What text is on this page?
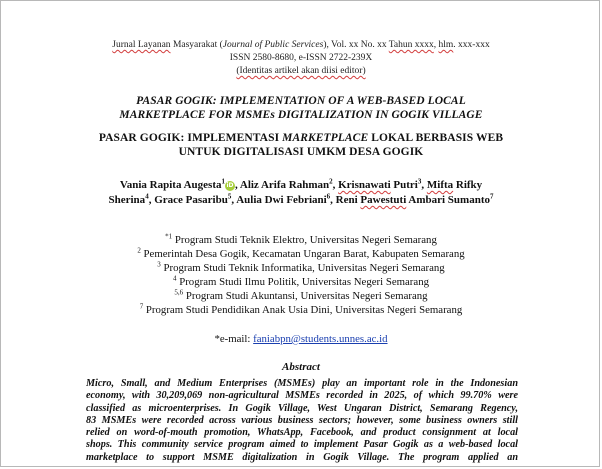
Jurnal Layanan Masyarakat (Journal of Public Services), Vol. xx No. xx Tahun xxxx, hlm. xxx-xxx
ISSN 2580-8680, e-ISSN 2722-239X
(Identitas artikel akan diisi editor)
PASAR GOGIK: IMPLEMENTATION OF A WEB-BASED LOCAL
MARKETPLACE FOR MSMEs DIGITALIZATION IN GOGIK VILLAGE
PASAR GOGIK: IMPLEMENTASI MARKETPLACE LOKAL BERBASIS WEB
UNTUK DIGITALISASI UMKM DESA GOGIK
Vania Rapita Augesta$^1$iD, Aliz Arifa Rahman$^2$, Krisnawati Putri$^3$, Mifta Rifky
Sherina$^4$, Grace Pasaribu$^5$, Aulia Dwi Febriani$^6$, Reni Pawestuti Ambari Sumanto$^7$
$^{*1}$ Program Studi Teknik Elektro, Universitas Negeri Semarang
$^2$ Pemerintah Desa Gogik, Kecamatan Ungaran Barat, Kabupaten Semarang
$^3$ Program Studi Teknik Informatika, Universitas Negeri Semarang
$^4$ Program Studi Ilmu Politik, Universitas Negeri Semarang
$^{5,6}$ Program Studi Akuntansi, Universitas Negeri Semarang
$^7$ Program Studi Pendidikan Anak Usia Dini, Universitas Negeri Semarang
*e-mail: faniabpn@students.unnes.ac.id
Abstract
Micro, Small, and Medium Enterprises (MSMEs) play an important role in the Indonesian
economy, with 30,209,069 non-agricultural MSMEs recorded in 2025, of which 99.70% were
classified as microenterprises. In Gogik Village, West Ungaran District, Semarang Regency,
83 MSMEs were recorded across various business sectors; however, some business owners still
relied on word-of-mouth promotion, WhatsApp, Facebook, and product consignment at local
shops. This community service program aimed to implement Pasar Gogik as a web-based local
marketplace to support MSME digitalization in Gogik Village. The program applied an
